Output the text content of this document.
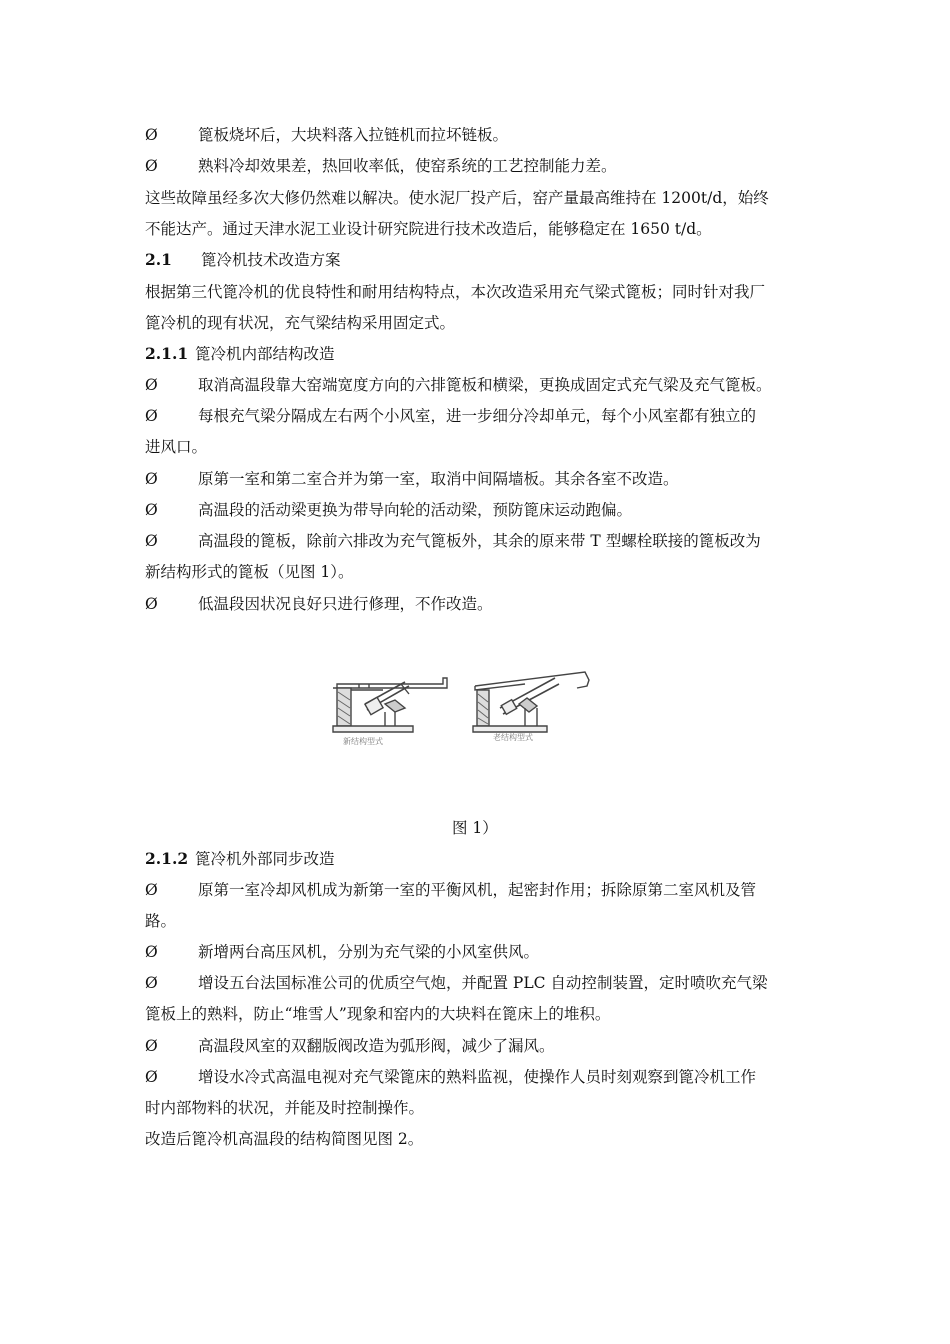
Ø	篦板烧坏后，大块料落入拉链机而拉坏链板。
Ø	熟料冷却效果差，热回收率低，使窑系统的工艺控制能力差。
这些故障虽经多次大修仍然难以解决。使水泥厂投产后，窑产量最高维持在 1200t/d，始终
不能达产。通过天津水泥工业设计研究院进行技术改造后，能够稳定在 1650 t/d。
2.1 篦冷机技术改造方案
根据第三代篦冷机的优良特性和耐用结构特点，本次改造采用充气梁式篦板；同时针对我厂
篦冷机的现有状况，充气梁结构采用固定式。
2.1.1 篦冷机内部结构改造
Ø	取消高温段靠大窑端宽度方向的六排篦板和横梁，更换成固定式充气梁及充气篦板。
Ø	每根充气梁分隔成左右两个小风室，进一步细分冷却单元，每个小风室都有独立的
进风口。
Ø	原第一室和第二室合并为第一室，取消中间隔墙板。其余各室不改造。
Ø	高温段的活动梁更换为带导向轮的活动梁，预防篦床运动跑偏。
Ø	高温段的篦板，除前六排改为充气篦板外，其余的原来带 T 型螺栓联接的篦板改为
新结构形式的篦板（见图 1）。
Ø	低温段因状况良好只进行修理，不作改造。
新结构型式	老结构型式
图 1）
2.1.2 篦冷机外部同步改造
Ø	原第一室冷却风机成为新第一室的平衡风机，起密封作用；拆除原第二室风机及管
路。
Ø	新增两台高压风机，分别为充气梁的小风室供风。
Ø	增设五台法国标准公司的优质空气炮，并配置 PLC 自动控制装置，定时喷吹充气梁
篦板上的熟料，防止“堆雪人”现象和窑内的大块料在篦床上的堆积。
Ø	高温段风室的双翻版阀改造为弧形阀，减少了漏风。
Ø	增设水冷式高温电视对充气梁篦床的熟料监视，使操作人员时刻观察到篦冷机工作
时内部物料的状况，并能及时控制操作。
改造后篦冷机高温段的结构简图见图 2。
